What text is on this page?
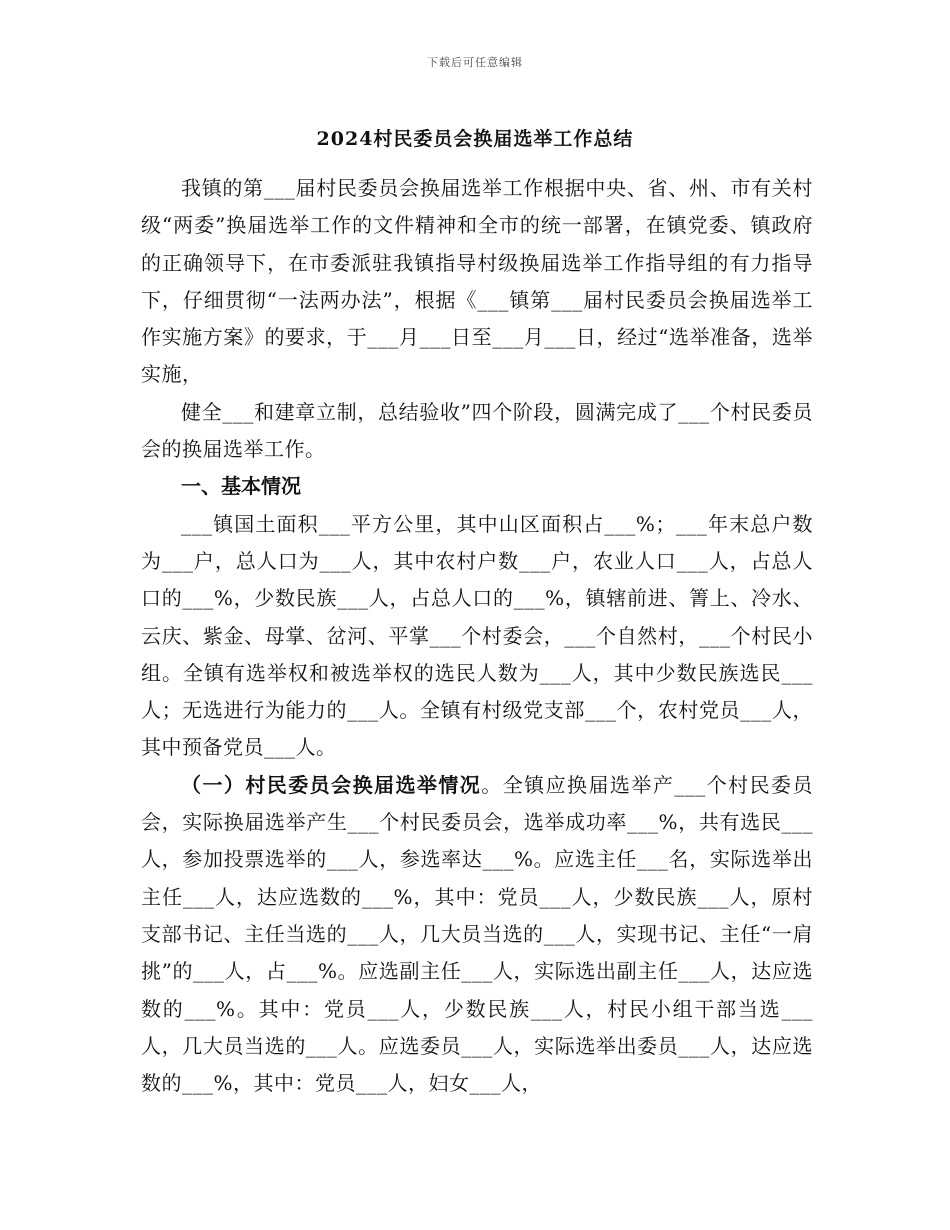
下载后可任意编辑
2024村民委员会换届选举工作总结

我镇的第___届村民委员会换届选举工作根据中央、省、州、市有关村级“两委”换届选举工作的文件精神和全市的统一部署，在镇党委、镇政府的正确领导下，在市委派驻我镇指导村级换届选举工作指导组的有力指导下，仔细贯彻“一法两办法”，根据《___镇第___届村民委员会换届选举工作实施方案》的要求，于___月___日至___月___日，经过“选举准备，选举实施，

健全___和建章立制，总结验收”四个阶段，圆满完成了___个村民委员会的换届选举工作。

一、基本情况

___镇国土面积___平方公里，其中山区面积占___%；___年末总户数为___户，总人口为___人，其中农村户数___户，农业人口___人，占总人口的___%，少数民族___人，占总人口的___%，镇辖前进、箐上、冷水、云庆、紫金、母掌、岔河、平掌___个村委会，___个自然村，___个村民小组。全镇有选举权和被选举权的选民人数为___人，其中少数民族选民___人；无选进行为能力的___人。全镇有村级党支部___个，农村党员___人，其中预备党员___人。

（一）村民委员会换届选举情况。全镇应换届选举产___个村民委员会，实际换届选举产生___个村民委员会，选举成功率___%，共有选民___人，参加投票选举的___人，参选率达___%。应选主任___名，实际选举出主任___人，达应选数的___%，其中：党员___人，少数民族___人，原村支部书记、主任当选的___人，几大员当选的___人，实现书记、主任“一肩挑”的___人，占___%。应选副主任___人，实际选出副主任___人，达应选数的___%。其中：党员___人，少数民族___人，村民小组干部当选___人，几大员当选的___人。应选委员___人，实际选举出委员___人，达应选数的___%，其中：党员___人，妇女___人，
